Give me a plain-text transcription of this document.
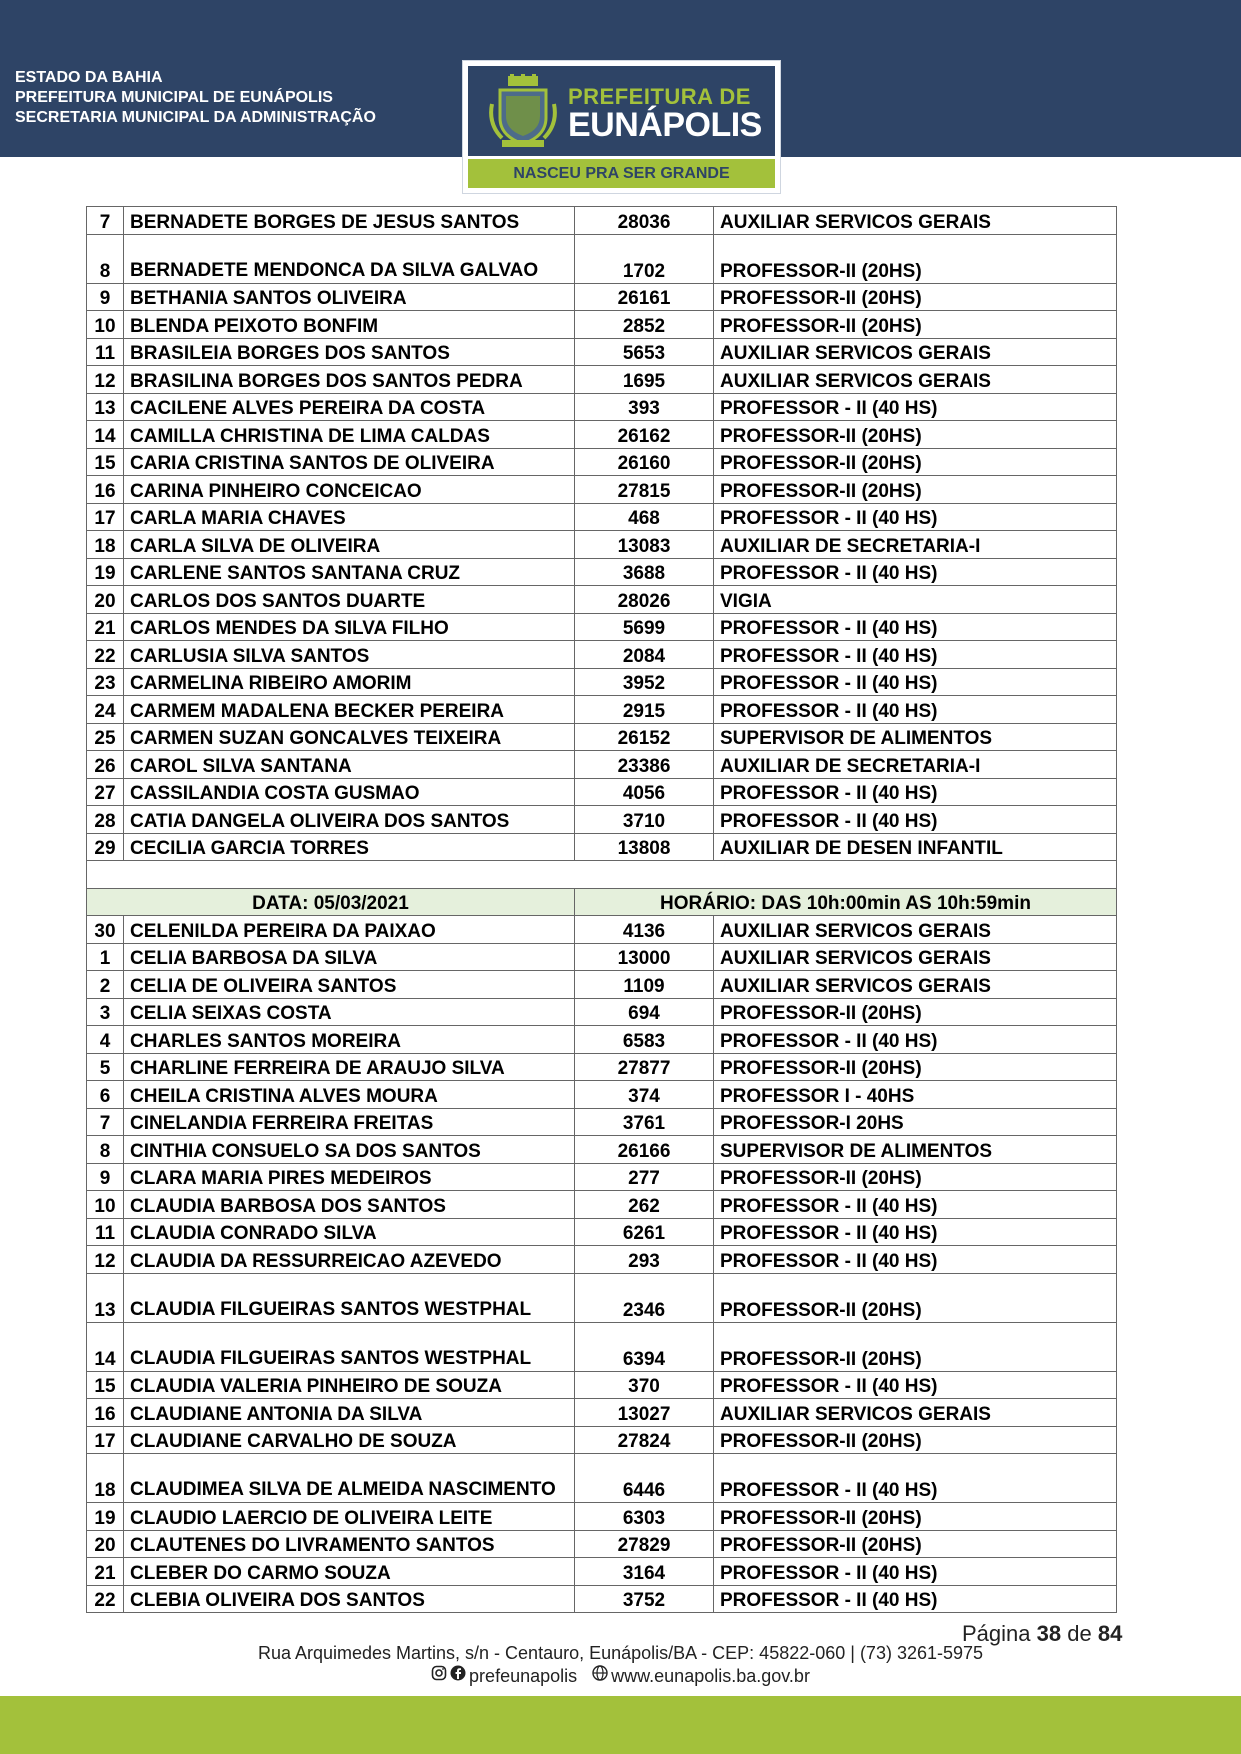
ESTADO DA BAHIA
PREFEITURA MUNICIPAL DE EUNÁPOLIS
SECRETARIA MUNICIPAL DA ADMINISTRAÇÃO
PREFEITURA DE
EUNÁPOLIS
NASCEU PRA SER GRANDE
7	BERNADETE BORGES DE JESUS SANTOS	28036	AUXILIAR SERVICOS GERAIS
8	BERNADETE MENDONCA DA SILVA GALVAO	1702	PROFESSOR-II (20HS)
9	BETHANIA SANTOS OLIVEIRA	26161	PROFESSOR-II (20HS)
10	BLENDA PEIXOTO BONFIM	2852	PROFESSOR-II (20HS)
11	BRASILEIA BORGES DOS SANTOS	5653	AUXILIAR SERVICOS GERAIS
12	BRASILINA BORGES DOS SANTOS PEDRA	1695	AUXILIAR SERVICOS GERAIS
13	CACILENE ALVES PEREIRA DA COSTA	393	PROFESSOR - II (40 HS)
14	CAMILLA CHRISTINA DE LIMA CALDAS	26162	PROFESSOR-II (20HS)
15	CARIA CRISTINA SANTOS DE OLIVEIRA	26160	PROFESSOR-II (20HS)
16	CARINA PINHEIRO CONCEICAO	27815	PROFESSOR-II (20HS)
17	CARLA MARIA CHAVES	468	PROFESSOR - II (40 HS)
18	CARLA SILVA DE OLIVEIRA	13083	AUXILIAR DE SECRETARIA-I
19	CARLENE SANTOS SANTANA CRUZ	3688	PROFESSOR - II (40 HS)
20	CARLOS DOS SANTOS DUARTE	28026	VIGIA
21	CARLOS MENDES DA SILVA FILHO	5699	PROFESSOR - II (40 HS)
22	CARLUSIA SILVA SANTOS	2084	PROFESSOR - II (40 HS)
23	CARMELINA RIBEIRO AMORIM	3952	PROFESSOR - II (40 HS)
24	CARMEM MADALENA BECKER PEREIRA	2915	PROFESSOR - II (40 HS)
25	CARMEN SUZAN GONCALVES TEIXEIRA	26152	SUPERVISOR DE ALIMENTOS
26	CAROL SILVA SANTANA	23386	AUXILIAR DE SECRETARIA-I
27	CASSILANDIA COSTA GUSMAO	4056	PROFESSOR - II (40 HS)
28	CATIA DANGELA OLIVEIRA DOS SANTOS	3710	PROFESSOR - II (40 HS)
29	CECILIA GARCIA TORRES	13808	AUXILIAR DE DESEN INFANTIL

DATA: 05/03/2021		HORÁRIO: DAS 10h:00min AS 10h:59min	
30	CELENILDA PEREIRA DA PAIXAO	4136	AUXILIAR SERVICOS GERAIS
1	CELIA BARBOSA DA SILVA	13000	AUXILIAR SERVICOS GERAIS
2	CELIA DE OLIVEIRA SANTOS	1109	AUXILIAR SERVICOS GERAIS
3	CELIA SEIXAS COSTA	694	PROFESSOR-II (20HS)
4	CHARLES SANTOS MOREIRA	6583	PROFESSOR - II (40 HS)
5	CHARLINE FERREIRA DE ARAUJO SILVA	27877	PROFESSOR-II (20HS)
6	CHEILA CRISTINA ALVES MOURA	374	PROFESSOR I - 40HS
7	CINELANDIA FERREIRA FREITAS	3761	PROFESSOR-I 20HS
8	CINTHIA CONSUELO SA DOS SANTOS	26166	SUPERVISOR DE ALIMENTOS
9	CLARA MARIA PIRES MEDEIROS	277	PROFESSOR-II (20HS)
10	CLAUDIA BARBOSA DOS SANTOS	262	PROFESSOR - II (40 HS)
11	CLAUDIA CONRADO SILVA	6261	PROFESSOR - II (40 HS)
12	CLAUDIA DA RESSURREICAO AZEVEDO	293	PROFESSOR - II (40 HS)
13	CLAUDIA FILGUEIRAS SANTOS WESTPHAL	2346	PROFESSOR-II (20HS)
14	CLAUDIA FILGUEIRAS SANTOS WESTPHAL	6394	PROFESSOR-II (20HS)
15	CLAUDIA VALERIA PINHEIRO DE SOUZA	370	PROFESSOR - II (40 HS)
16	CLAUDIANE ANTONIA DA SILVA	13027	AUXILIAR SERVICOS GERAIS
17	CLAUDIANE CARVALHO DE SOUZA	27824	PROFESSOR-II (20HS)
18	CLAUDIMEA SILVA DE ALMEIDA NASCIMENTO	6446	PROFESSOR - II (40 HS)
19	CLAUDIO LAERCIO DE OLIVEIRA LEITE	6303	PROFESSOR-II (20HS)
20	CLAUTENES DO LIVRAMENTO SANTOS	27829	PROFESSOR-II (20HS)
21	CLEBER DO CARMO SOUZA	3164	PROFESSOR - II (40 HS)
22	CLEBIA OLIVEIRA DOS SANTOS	3752	PROFESSOR - II (40 HS)
Página 38 de 84
Rua Arquimedes Martins, s/n - Centauro, Eunápolis/BA - CEP: 45822-060 | (73) 3261-5975
prefeunapolis www.eunapolis.ba.gov.br
